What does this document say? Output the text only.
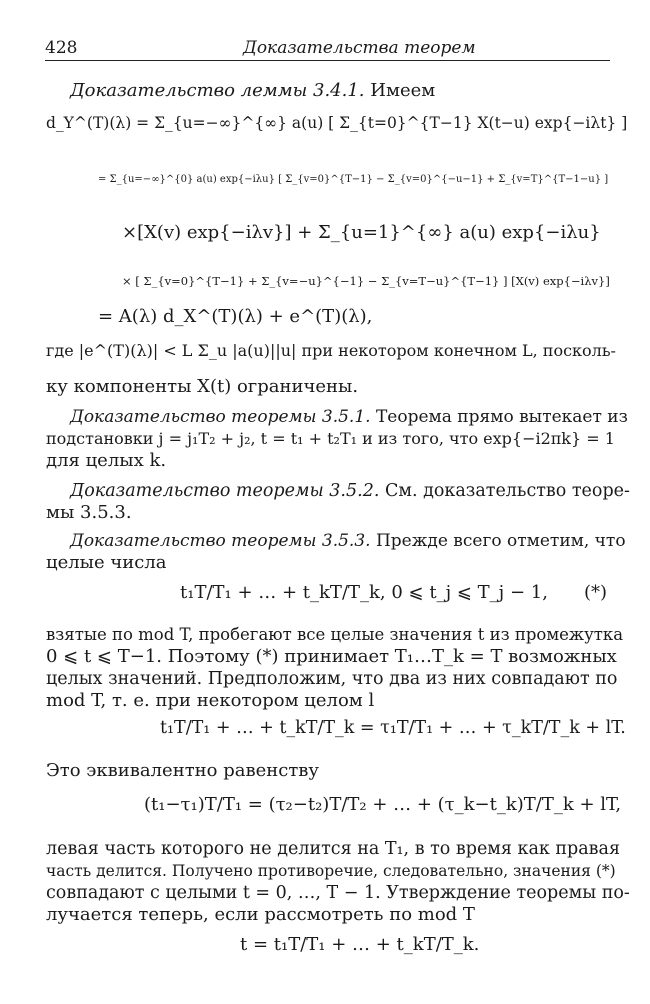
428	Доказательства теорем
Доказательство леммы 3.4.1. Имеем
d_Y^(T)(λ) = Σ_{u=−∞}^{∞} a(u) [ Σ_{t=0}^{T−1} X(t−u) exp{−iλt} ]
= Σ_{u=−∞}^{0} a(u) exp{−iλu} [ Σ_{v=0}^{T−1} − Σ_{v=0}^{−u−1} + Σ_{v=T}^{T−1−u} ]
×[X(v) exp{−iλv}] + Σ_{u=1}^{∞} a(u) exp{−iλu}
× [ Σ_{v=0}^{T−1} + Σ_{v=−u}^{−1} − Σ_{v=T−u}^{T−1} ] [X(v) exp{−iλv}]
= A(λ) d_X^(T)(λ) + e^(T)(λ),
где |e^(T)(λ)| < L Σ_u |a(u)||u| при некотором конечном L, посколь-
ку компоненты X(t) ограничены.
Доказательство теоремы 3.5.1. Теорема прямо вытекает из
подстановки j = j₁T₂ + j₂, t = t₁ + t₂T₁ и из того, что exp{−i2πk} = 1
для целых k.
Доказательство теоремы 3.5.2. См. доказательство теоре-
мы 3.5.3.
Доказательство теоремы 3.5.3. Прежде всего отметим, что
целые числа
t₁T/T₁ + … + t_kT/T_k, 0 ⩽ t_j ⩽ T_j − 1, (*)
взятые по mod T, пробегают все целые значения t из промежутка
0 ⩽ t ⩽ T−1. Поэтому (*) принимает T₁…T_k = T возможных
целых значений. Предположим, что два из них совпадают по
mod T, т. е. при некотором целом l
t₁T/T₁ + … + t_kT/T_k = τ₁T/T₁ + … + τ_kT/T_k + lT.
Это эквивалентно равенству
(t₁−τ₁)T/T₁ = (τ₂−t₂)T/T₂ + … + (τ_k−t_k)T/T_k + lT,
левая часть которого не делится на T₁, в то время как правая
часть делится. Получено противоречие, следовательно, значения (*)
совпадают с целыми t = 0, …, T − 1. Утверждение теоремы по-
лучается теперь, если рассмотреть по mod T
t = t₁T/T₁ + … + t_kT/T_k.
